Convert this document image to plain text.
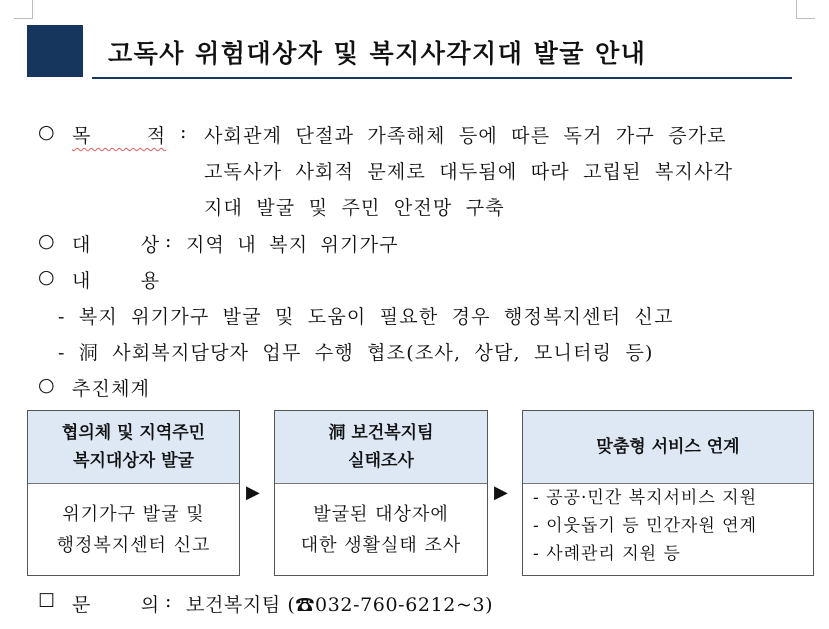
고독사 위험대상자 및 복지사각지대 발굴 안내
○ 목 적 : 사회관계 단절과 가족해체 등에 따른 독거 가구 증가로
고독사가 사회적 문제로 대두됨에 따라 고립된 복지사각
지대 발굴 및 주민 안전망 구축
○ 대 상 : 지역 내 복지 위기가구
○ 내 용
- 복지 위기가구 발굴 및 도움이 필요한 경우 행정복지센터 신고
- 洞 사회복지담당자 업무 수행 협조(조사, 상담, 모니터링 등)
○ 추진체계
협의체 및 지역주민
복지대상자 발굴
위기가구 발굴 및
행정복지센터 신고
▶
洞 보건복지팀
실태조사
발굴된 대상자에
대한 생활실태 조사
▶
맞춤형 서비스 연계
- 공공·민간 복지서비스 지원
- 이웃돕기 등 민간자원 연계
- 사례관리 지원 등
☐ 문 의 : 보건복지팀 (☎032-760-6212~3)
